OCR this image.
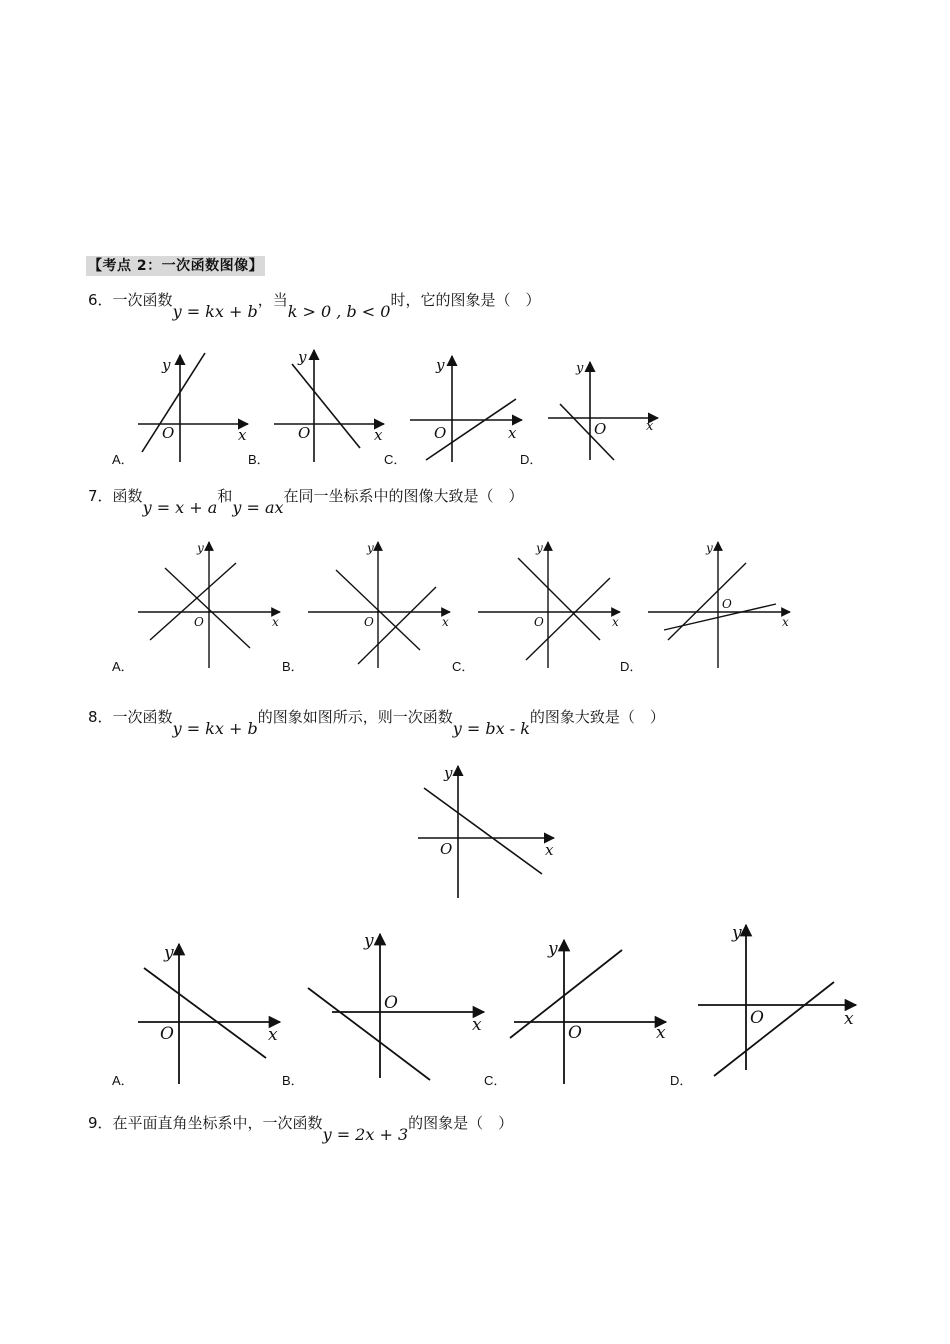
【考点 2：一次函数图像】
6．一次函数y = kx + b，当k > 0 , b < 0时，它的图象是（　）
y
x
O
y
x
O
y
x
O
y
x
O
y
x
O
y
x
O
y
x
O
y
x
O
y
x
O
y
x
O
y
x
O
y
x
O
y
x
O
A．	B．	C．	D．
7．函数y = x + a和y = ax在同一坐标系中的图像大致是（　）
A．	B．	C．	D．
8．一次函数y = kx + b的图象如图所示，则一次函数y = bx - k的图象大致是（　）
A．	B．	C．	D．
9．在平面直角坐标系中，一次函数y = 2x + 3的图象是（　）
